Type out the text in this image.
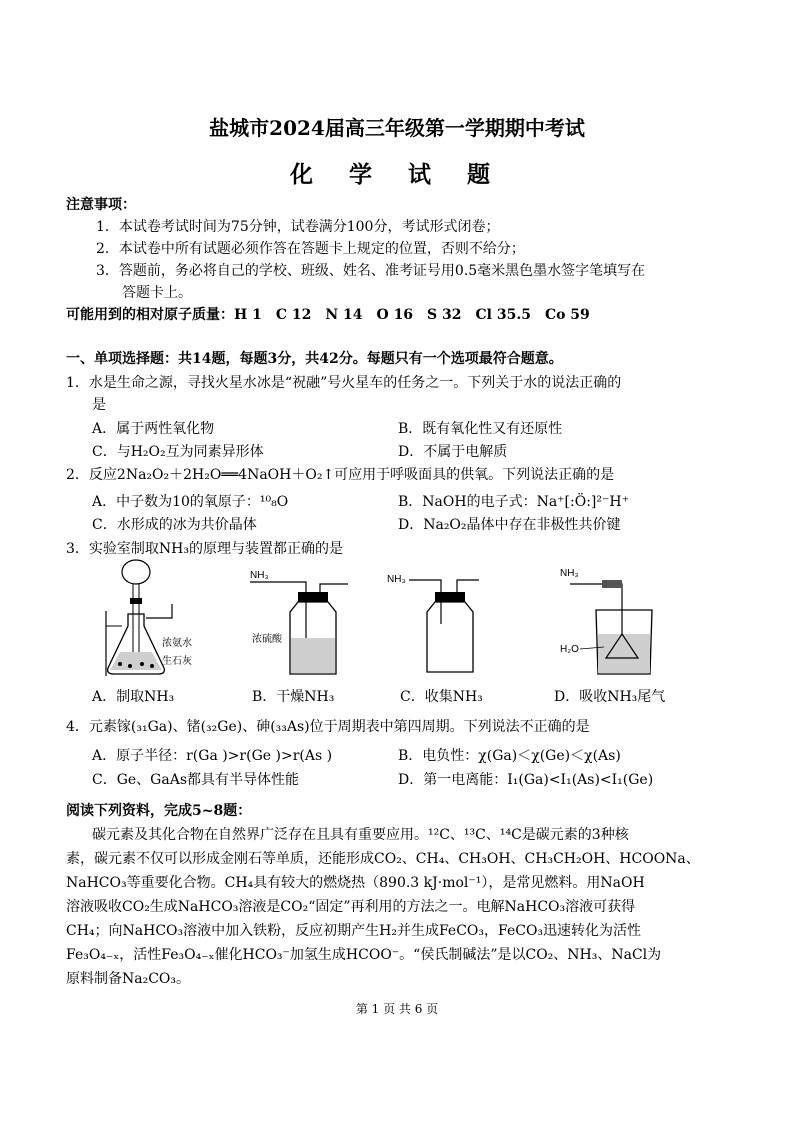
盐城市2024届高三年级第一学期期中考试
化 学 试 题
注意事项：
1．本试卷考试时间为75分钟，试卷满分100分，考试形式闭卷；
2．本试卷中所有试题必须作答在答题卡上规定的位置，否则不给分；
3．答题前，务必将自己的学校、班级、姓名、准考证号用0.5毫米黑色墨水签字笔填写在
答题卡上。
可能用到的相对原子质量：H 1　C 12　N 14　O 16　S 32　Cl 35.5　Co 59
一、单项选择题：共14题，每题3分，共42分。每题只有一个选项最符合题意。
1．水是生命之源，寻找火星水冰是“祝融”号火星车的任务之一。下列关于水的说法正确的
是
A．属于两性氧化物	B．既有氧化性又有还原性
C．与H₂O₂互为同素异形体	D．不属于电解质
2．反应2Na₂O₂＋2H₂O══4NaOH＋O₂↑可应用于呼吸面具的供氧。下列说法正确的是
A．中子数为10的氧原子：¹⁰₈O	B．NaOH的电子式：Na⁺[:Ö:]²⁻H⁺
C．水形成的冰为共价晶体	D．Na₂O₂晶体中存在非极性共价键
3．实验室制取NH₃的原理与装置都正确的是
浓氨水
生石灰
NH₃
浓硫酸
NH₃
NH₃
H₂O
A．制取NH₃	B．干燥NH₃	C．收集NH₃	D．吸收NH₃尾气
4．元素镓(₃₁Ga)、锗(₃₂Ge)、砷(₃₃As)位于周期表中第四周期。下列说法不正确的是
A．原子半径：r(Ga )>r(Ge )>r(As )	B．电负性：χ(Ga)＜χ(Ge)＜χ(As)
C．Ge、GaAs都具有半导体性能	D．第一电离能：I₁(Ga)<I₁(As)<I₁(Ge)
阅读下列资料，完成5~8题：
碳元素及其化合物在自然界广泛存在且具有重要应用。¹²C、¹³C、¹⁴C是碳元素的3种核
素，碳元素不仅可以形成金刚石等单质，还能形成CO₂、CH₄、CH₃OH、CH₃CH₂OH、HCOONa、
NaHCO₃等重要化合物。CH₄具有较大的燃烧热（890.3 kJ·mol⁻¹），是常见燃料。用NaOH
溶液吸收CO₂生成NaHCO₃溶液是CO₂“固定”再利用的方法之一。电解NaHCO₃溶液可获得
CH₄；向NaHCO₃溶液中加入铁粉，反应初期产生H₂并生成FeCO₃，FeCO₃迅速转化为活性
Fe₃O₄₋ₓ，活性Fe₃O₄₋ₓ催化HCO₃⁻加氢生成HCOO⁻。“侯氏制碱法”是以CO₂、NH₃、NaCl为
原料制备Na₂CO₃。
第 1 页 共 6 页
